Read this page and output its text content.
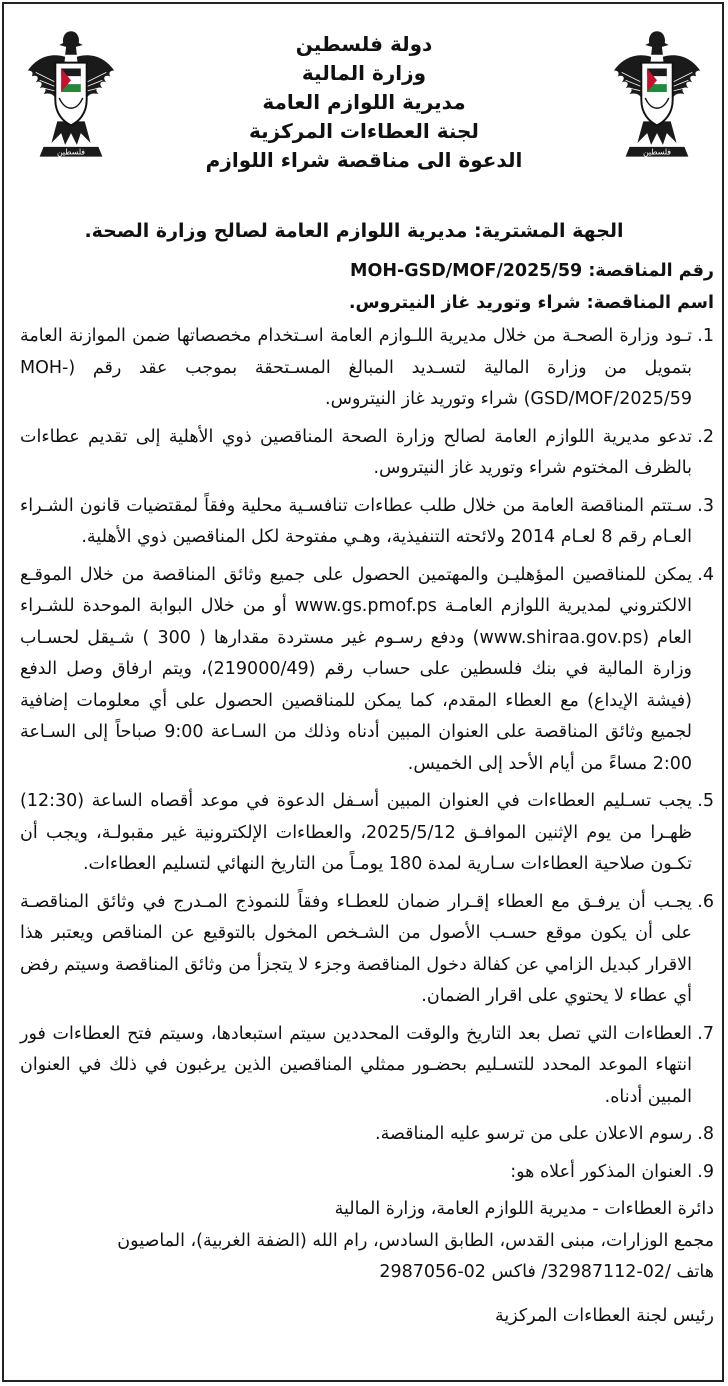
فلسطين	فلسطين
دولة فلسطين
وزارة المالية
مديرية اللوازم العامة
لجنة العطاءات المركزية
الدعوة الى مناقصة شراء اللوازم
الجهة المشترية: مديرية اللوازم العامة لصالح وزارة الصحة.

رقم المناقصة: MOH-GSD/MOF/2025/59

اسم المناقصة: شراء وتوريد غاز النيتروس.

1.
تـود وزارة الصحـة من خلال مديرية اللـوازم العامة اسـتخدام مخصصاتها ضمن الموازنة العامة بتمويل من وزارة المالية لتسـديد المبالغ المسـتحقة بموجب عقد رقم (MOH-GSD/MOF/2025/59) شراء وتوريد غاز النيتروس.
2.
تدعو مديرية اللوازم العامة لصالح وزارة الصحة المناقصين ذوي الأهلية إلى تقديم عطاءات بالظرف المختوم شراء وتوريد غاز النيتروس.
3.
سـتتم المناقصة العامة من خلال طلب عطاءات تنافسـية محلية وفقاً لمقتضيات قانون الشـراء العـام رقم 8 لعـام 2014 ولائحته التنفيذية، وهـي مفتوحة لكل المناقصين ذوي الأهلية.
4.
يمكن للمناقصين المؤهليـن والمهتمين الحصول على جميع وثائق المناقصة من خلال الموقـع الالكتروني لمديرية اللوازم العامـة www.gs.pmof.ps أو من خلال البوابة الموحدة للشـراء العام (www.shiraa.gov.ps) ودفع رسـوم غير مستردة مقدارها ( 300 ) شـيقل لحسـاب وزارة المالية في بنك فلسطين على حساب رقم (219000/49)، ويتم ارفاق وصل الدفع (فيشة الإيداع) مع العطاء المقدم، كما يمكن للمناقصين الحصول على أي معلومات إضافية لجميع وثائق المناقصة على العنوان المبين أدناه وذلك من السـاعة 9:00 صباحاً إلى السـاعة 2:00 مساءً من أيام الأحد إلى الخميس.
5.
يجب تسـليم العطاءات في العنوان المبين أسـفل الدعوة في موعد أقصاه الساعة (12:30) ظهـرا من يوم الإثنين الموافـق 2025/5/12، والعطاءات الإلكترونية غير مقبولـة، ويجب أن تكـون صلاحية العطاءات سـارية لمدة 180 يومـاً من التاريخ النهائي لتسليم العطاءات.
6.
يجـب أن يرفـق مع العطاء إقـرار ضمان للعطـاء وفقاً للنموذج المـدرج في وثائق المناقصـة على أن يكون موقع حسـب الأصول من الشـخص المخول بالتوقيع عن المناقص ويعتبر هذا الاقرار كبديل الزامي عن كفالة دخول المناقصة وجزء لا يتجزأ من وثائق المناقصة وسيتم رفض أي عطاء لا يحتوي على اقرار الضمان.
7.
العطاءات التي تصل بعد التاريخ والوقت المحددين سيتم استبعادها، وسيتم فتح العطاءات فور انتهاء الموعد المحدد للتسـليم بحضـور ممثلي المناقصين الذين يرغبون في ذلك في العنوان المبين أدناه.
8.
رسوم الاعلان على من ترسو عليه المناقصة.
9.
العنوان المذكور أعلاه هو:

دائرة العطاءات - مديرية اللوازم العامة، وزارة المالية

مجمع الوزارات، مبنى القدس، الطابق السادس، رام الله (الضفة الغربية)، الماصيون

هاتف /02-32987112/ فاكس 02-2987056

رئيس لجنة العطاءات المركزية
